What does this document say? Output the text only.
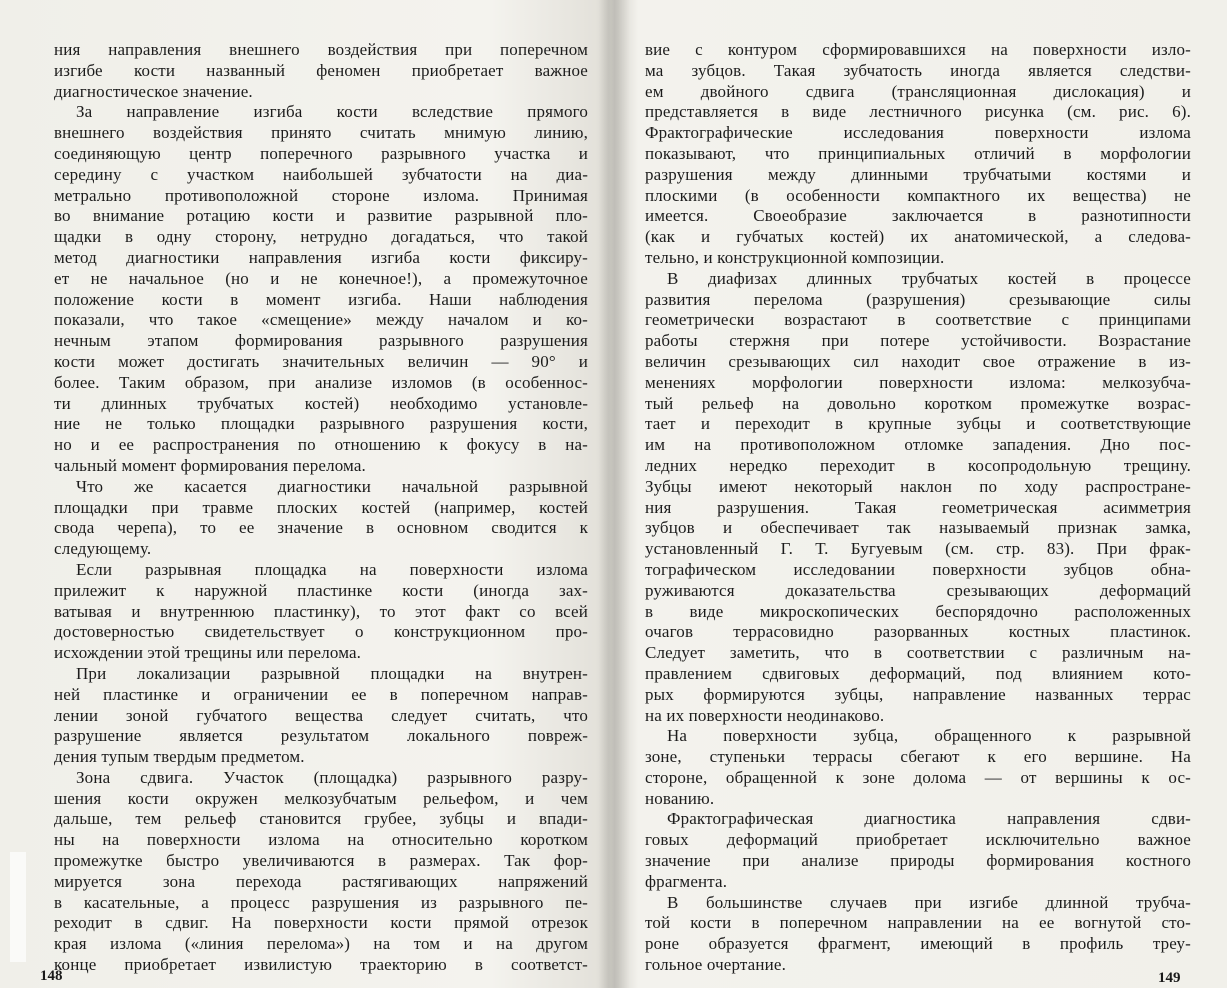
ния направления внешнего воздействия при поперечном
изгибе кости названный феномен приобретает важное
диагностическое значение.
За направление изгиба кости вследствие прямого
внешнего воздействия принято считать мнимую линию,
соединяющую центр поперечного разрывного участка и
середину с участком наибольшей зубчатости на диа-
метрально противоположной стороне излома. Принимая
во внимание ротацию кости и развитие разрывной пло-
щадки в одну сторону, нетрудно догадаться, что такой
метод диагностики направления изгиба кости фиксиру-
ет не начальное (но и не конечное!), а промежуточное
положение кости в момент изгиба. Наши наблюдения
показали, что такое «смещение» между началом и ко-
нечным этапом формирования разрывного разрушения
кости может достигать значительных величин — 90° и
более. Таким образом, при анализе изломов (в особеннос-
ти длинных трубчатых костей) необходимо установле-
ние не только площадки разрывного разрушения кости,
но и ее распространения по отношению к фокусу в на-
чальный момент формирования перелома.
Что же касается диагностики начальной разрывной
площадки при травме плоских костей (например, костей
свода черепа), то ее значение в основном сводится к
следующему.
Если разрывная площадка на поверхности излома
прилежит к наружной пластинке кости (иногда зах-
ватывая и внутреннюю пластинку), то этот факт со всей
достоверностью свидетельствует о конструкционном про-
исхождении этой трещины или перелома.
При локализации разрывной площадки на внутрен-
ней пластинке и ограничении ее в поперечном направ-
лении зоной губчатого вещества следует считать, что
разрушение является результатом локального повреж-
дения тупым твердым предметом.
Зона сдвига. Участок (площадка) разрывного разру-
шения кости окружен мелкозубчатым рельефом, и чем
дальше, тем рельеф становится грубее, зубцы и впади-
ны на поверхности излома на относительно коротком
промежутке быстро увеличиваются в размерах. Так фор-
мируется зона перехода растягивающих напряжений
в касательные, а процесс разрушения из разрывного пе-
реходит в сдвиг. На поверхности кости прямой отрезок
края излома («линия перелома») на том и на другом
конце приобретает извилистую траекторию в соответст-
148
вие с контуром сформировавшихся на поверхности изло-
ма зубцов. Такая зубчатость иногда является следстви-
ем двойного сдвига (трансляционная дислокация) и
представляется в виде лестничного рисунка (см. рис. 6).
Фрактографические исследования поверхности излома
показывают, что принципиальных отличий в морфологии
разрушения между длинными трубчатыми костями и
плоскими (в особенности компактного их вещества) не
имеется. Своеобразие заключается в разнотипности
(как и губчатых костей) их анатомической, а следова-
тельно, и конструкционной композиции.
В диафизах длинных трубчатых костей в процессе
развития перелома (разрушения) срезывающие силы
геометрически возрастают в соответствие с принципами
работы стержня при потере устойчивости. Возрастание
величин срезывающих сил находит свое отражение в из-
менениях морфологии поверхности излома: мелкозубча-
тый рельеф на довольно коротком промежутке возрас-
тает и переходит в крупные зубцы и соответствующие
им на противоположном отломке западения. Дно пос-
ледних нередко переходит в косопродольную трещину.
Зубцы имеют некоторый наклон по ходу распростране-
ния разрушения. Такая геометрическая асимметрия
зубцов и обеспечивает так называемый признак замка,
установленный Г. Т. Бугуевым (см. стр. 83). При фрак-
тографическом исследовании поверхности зубцов обна-
руживаются доказательства срезывающих деформаций
в виде микроскопических беспорядочно расположенных
очагов террасовидно разорванных костных пластинок.
Следует заметить, что в соответствии с различным на-
правлением сдвиговых деформаций, под влиянием кото-
рых формируются зубцы, направление названных террас
на их поверхности неодинаково.
На поверхности зубца, обращенного к разрывной
зоне, ступеньки террасы сбегают к его вершине. На
стороне, обращенной к зоне долома — от вершины к ос-
нованию.
Фрактографическая диагностика направления сдви-
говых деформаций приобретает исключительно важное
значение при анализе природы формирования костного
фрагмента.
В большинстве случаев при изгибе длинной трубча-
той кости в поперечном направлении на ее вогнутой сто-
роне образуется фрагмент, имеющий в профиль треу-
гольное очертание.
149
